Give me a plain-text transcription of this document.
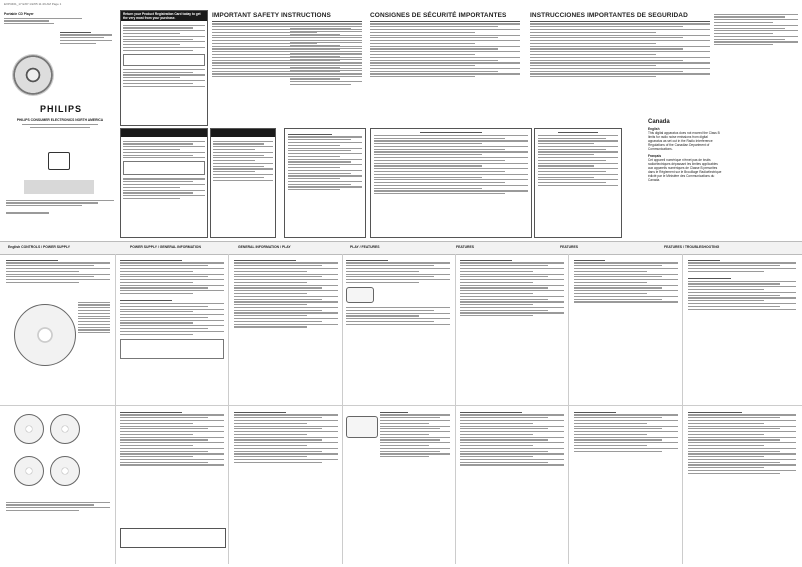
EXP3461_17 EXP 1/2/05 11:49 AM Page 1
Portable CD Player
PHILIPS
PHILIPS CONSUMER ELECTRONICS NORTH AMERICA
Return your Product Registration Card today to get the very most from your purchase.	IMPORTANT SAFETY INSTRUCTIONS	CONSIGNES DE SÉCURITÉ IMPORTANTES	INSTRUCCIONES IMPORTANTES DE SEGURIDAD
Canada
English
This digital apparatus does not exceed the Class B limits for radio noise emissions from digital apparatus as set out in the Radio Interference Regulations of the Canadian Department of Communications.
Français
Cet appareil numérique n'émet pas de bruits radioélectriques dépassant les limites applicables aux appareils numériques de Classe B prescrites dans le Règlement sur le Brouillage Radioélectrique édicté par le Ministère des Communications du Canada.
English CONTROLS / POWER SUPPLY	POWER SUPPLY / GENERAL INFORMATION	GENERAL INFORMATION / PLAY	PLAY / FEATURES	FEATURES	FEATURES	FEATURES / TROUBLESHOOTING
